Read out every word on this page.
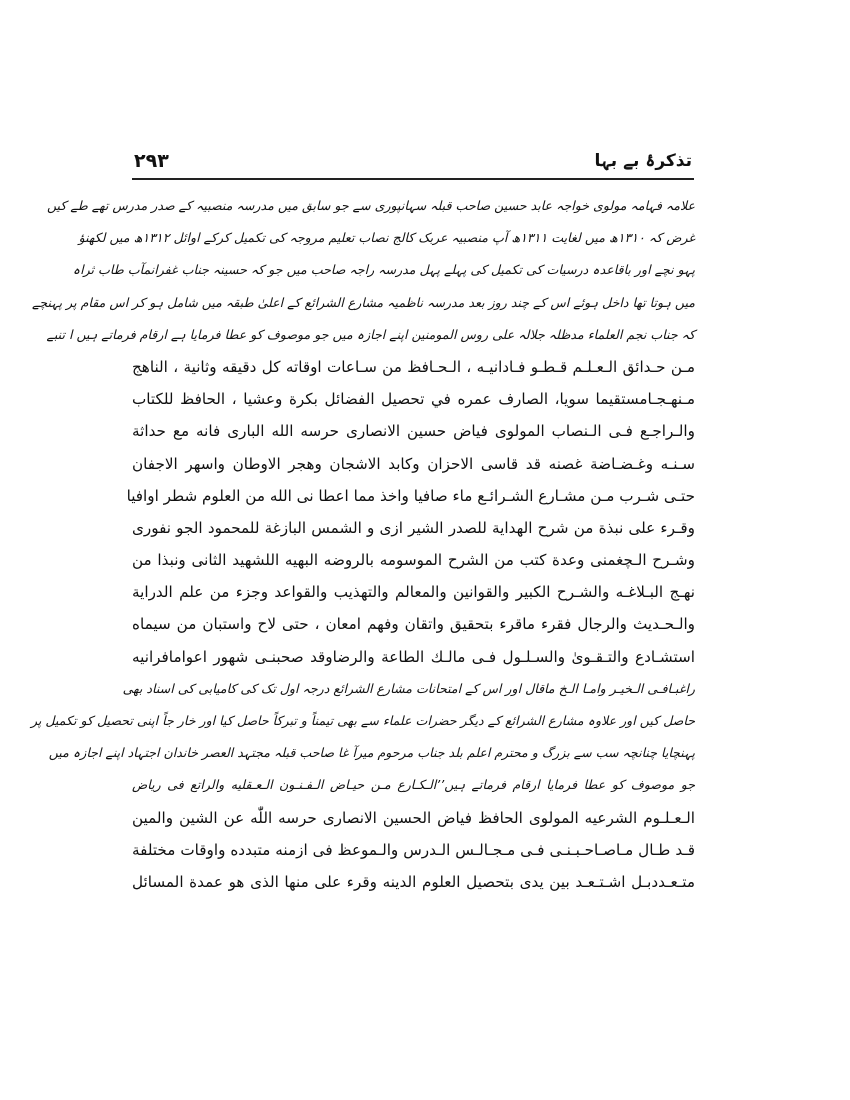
۲۹۳	تذکرۂ بے بہا
علامہ فہامہ مولوی خواجہ عابد حسین صاحب قبلہ سہانپوری سے جو سابق میں مدرسہ منصبیہ کے صدر مدرس تھے طے کیں
غرض کہ ۱۳۱۰ھ میں لغایت ۱۳۱۱ھ آپ منصبیہ عربک کالج نصاب تعلیم مروجہ کی تکمیل کرکے اوائل ۱۳۱۲ھ میں لکھنؤ
پہو نچے اور باقاعدہ درسیات کی تکمیل کی پہلے پہل مدرسہ راجہ صاحب میں جو کہ حسینہ جناب غفرانمآب طاب ثراہ
میں ہوتا تھا داخل ہوئے اس کے چند روز بعد مدرسہ ناظمیہ مشارع الشرائع کے اعلیٰ طبقہ میں شامل ہو کر اس مقام پر پہنچے
کہ جناب نجم العلماء مدظلہ جلالہ علی روس المومنین اپنے اجازہ میں جو موصوف کو عطا فرمایا ہے ارقام فرماتے ہیں ا تنبے
مـن حـدائق الـعـلـم قـطـو فـادانيـه ، الـحـافظ من سـاعات اوقاته كل دقيقه وثانية ، الناهج
مـنهـجـامستقيما سويا، الصارف عمره في تحصيل الفضائل بكرة وعشيا ، الحافظ للكتاب
والـراجـع فـى الـنصاب المولوى فياض حسين الانصارى حرسه الله البارى فانه مع حداثة
سـنـه وغـضـاضة غصنه قد قاسى الاحزان وكابد الاشجان وهجر الاوطان واسهر الاجفان
حتـى شـرب مـن مشـارع الشـرائـع ماء صافيا واخذ مما اعطا نى الله من العلوم شطر اوافيا
وقـرء على نبذة من شرح الهداية للصدر الشير ازى و الشمس البازغة للمحمود الجو نفورى
وشـرح الـچغمنى وعدة كتب من الشرح الموسومه بالروضه البهيه اللشهيد الثانى ونبذا من
نهـج البـلاغـه والشـرح الكبير والقوانين والمعالم والتهذيب والقواعد وجزء من علم الدراية
والـحـديث والرجال فقرء ماقرء بتحقيق واتقان وفهم امعان ، حتى لاح واستبان من سيماه
استشـادع والتـقـوىٰ والسـلـول فـى مالـك الطاعة والرضاوقد صحبنـى شهور اعوامافرانيه
راغبـافـى الـخيـر وامـا الـخ ماقال اور اس کے امتحانات مشارع الشرائع درجہ اول تک کی کامیابی کی اسناد بھی
حاصل کیں اور علاوہ مشارع الشرائع کے دیگر حضرات علماء سے بھی تیمناً و تبرکاً حاصل کیا اور خار جاً اپنی تحصیل کو تکمیل پر
پہنچایا چنانچہ سب سے بزرگ و محترم اعلم بلد جناب مرحوم میرآ غا صاحب قبلہ مجتہد العصر خاندان اجتہاد اپنے اجازہ میں
جو موصوف کو عطا فرمایا ارقام فرماتے ہیں’’الـكـارع مـن حيـاض الـفـنـون الـعـقليه والراتع فى رياض
الـعـلـوم الشرعيه المولوى الحافظ فياض الحسين الانصارى حرسه اللّٰه عن الشين والمين
قـد طـال مـاصـاحـبـنـى فـى مـجـالـس الـدرس والـموعظ فى ازمنه متبدده واوقات مختلفة
متـعـددبـل اشـتـعـد بين يدى بتحصيل العلوم الدينه وقرء على منها الذى هو عمدة المسائل
